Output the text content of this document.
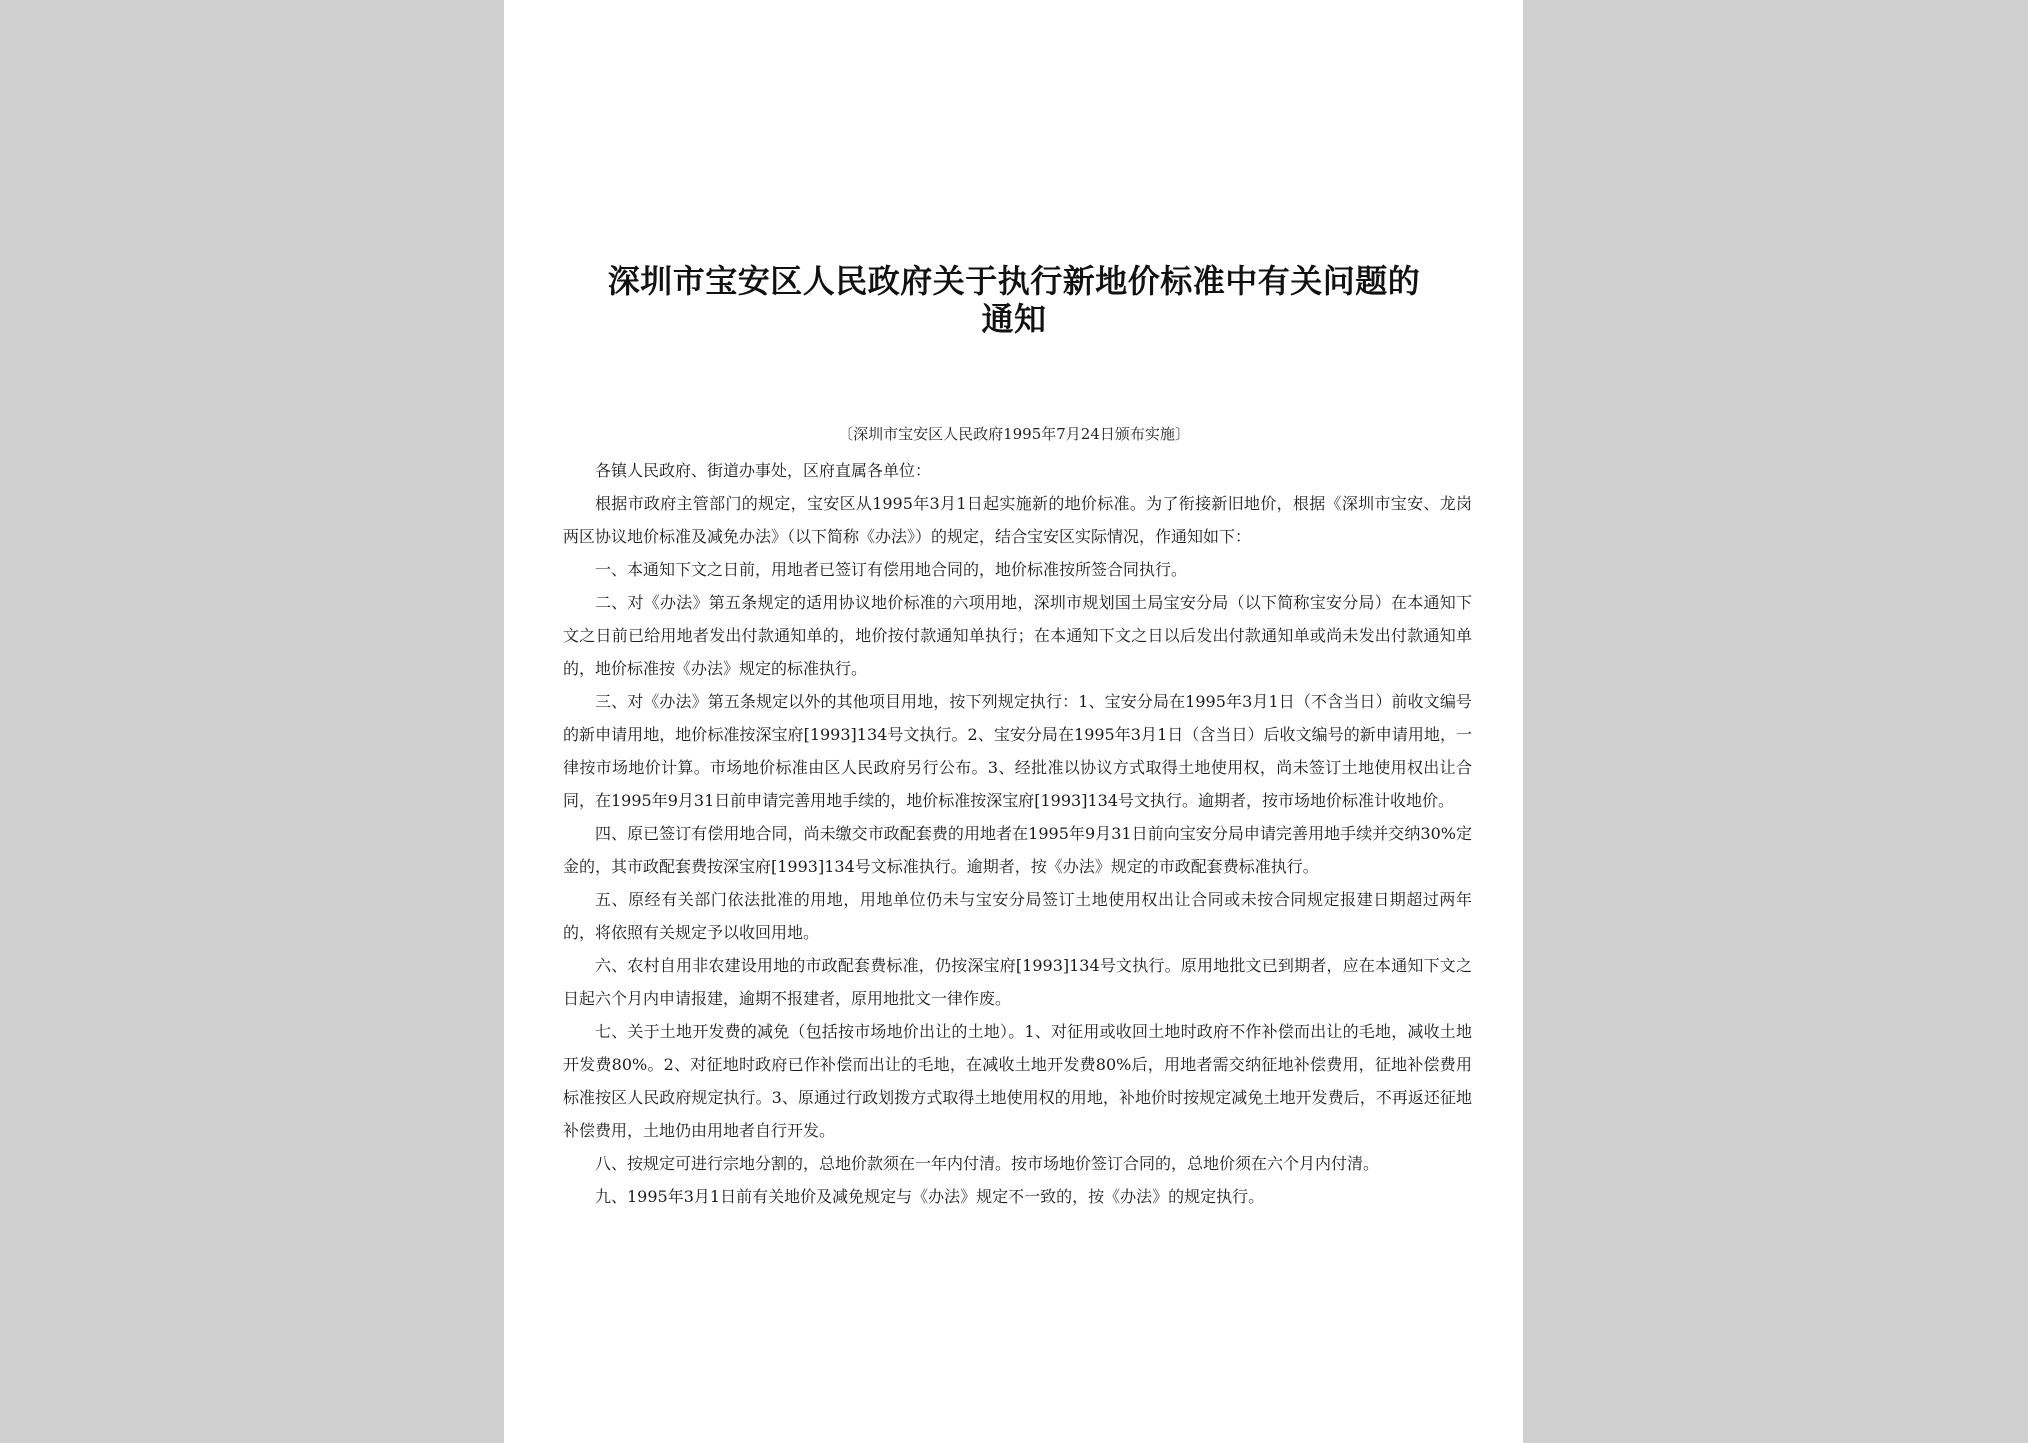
深圳市宝安区人民政府关于执行新地价标准中有关问题的通知
〔深圳市宝安区人民政府1995年7月24日颁布实施〕

各镇人民政府、街道办事处，区府直属各单位：

根据市政府主管部门的规定，宝安区从1995年3月1日起实施新的地价标准。为了衔接新旧地价，根据《深圳市宝安、龙岗两区协议地价标准及减免办法》（以下简称《办法》）的规定，结合宝安区实际情况，作通知如下：

一、本通知下文之日前，用地者已签订有偿用地合同的，地价标准按所签合同执行。

二、对《办法》第五条规定的适用协议地价标准的六项用地，深圳市规划国土局宝安分局（以下简称宝安分局）在本通知下文之日前已给用地者发出付款通知单的，地价按付款通知单执行；在本通知下文之日以后发出付款通知单或尚未发出付款通知单的，地价标准按《办法》规定的标准执行。

三、对《办法》第五条规定以外的其他项目用地，按下列规定执行：1、宝安分局在1995年3月1日（不含当日）前收文编号的新申请用地，地价标准按深宝府[1993]134号文执行。2、宝安分局在1995年3月1日（含当日）后收文编号的新申请用地，一律按市场地价计算。市场地价标准由区人民政府另行公布。3、经批准以协议方式取得土地使用权，尚未签订土地使用权出让合同，在1995年9月31日前申请完善用地手续的，地价标准按深宝府[1993]134号文执行。逾期者，按市场地价标准计收地价。

四、原已签订有偿用地合同，尚未缴交市政配套费的用地者在1995年9月31日前向宝安分局申请完善用地手续并交纳30%定金的，其市政配套费按深宝府[1993]134号文标准执行。逾期者，按《办法》规定的市政配套费标准执行。

五、原经有关部门依法批准的用地，用地单位仍未与宝安分局签订土地使用权出让合同或未按合同规定报建日期超过两年的，将依照有关规定予以收回用地。

六、农村自用非农建设用地的市政配套费标准，仍按深宝府[1993]134号文执行。原用地批文已到期者，应在本通知下文之日起六个月内申请报建，逾期不报建者，原用地批文一律作废。

七、关于土地开发费的减免（包括按市场地价出让的土地）。1、对征用或收回土地时政府不作补偿而出让的毛地，减收土地开发费80%。2、对征地时政府已作补偿而出让的毛地，在减收土地开发费80%后，用地者需交纳征地补偿费用，征地补偿费用标准按区人民政府规定执行。3、原通过行政划拨方式取得土地使用权的用地，补地价时按规定减免土地开发费后，不再返还征地补偿费用，土地仍由用地者自行开发。

八、按规定可进行宗地分割的，总地价款须在一年内付清。按市场地价签订合同的，总地价须在六个月内付清。

九、1995年3月1日前有关地价及减免规定与《办法》规定不一致的，按《办法》的规定执行。
